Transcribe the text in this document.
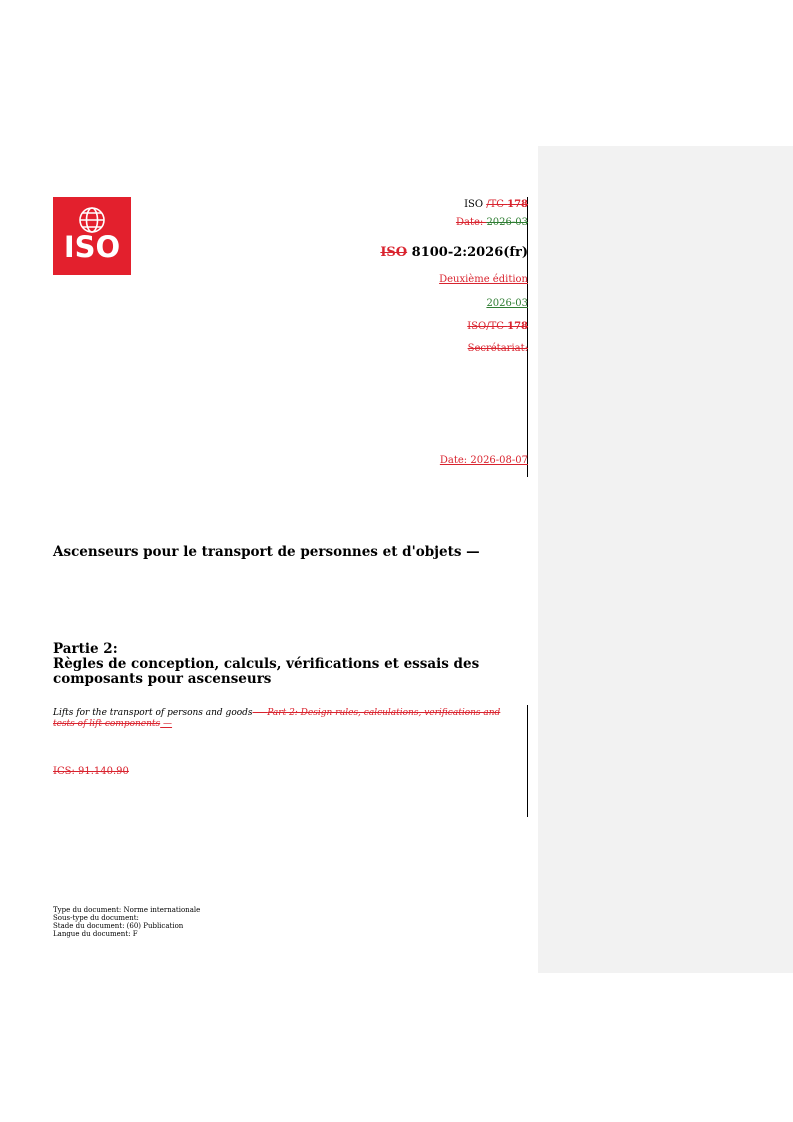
ISO
ISO /TC 178
Date: 2026-03
ISO 8100-2:2026(fr)
Deuxième édition
2026-03
ISO/TC 178
Secrétariat:
Date: 2026-08-07
Ascenseurs pour le transport de personnes et d'objets —
Partie 2:
Règles de conception, calculs, vérifications et essais des
composants pour ascenseurs
Lifts for the transport of persons and goods — Part 2: Design rules, calculations, verifications and tests of lift components —
ICS: 91.140.90
Type du document: Norme internationale
Sous-type du document:
Stade du document: (60) Publication
Langue du document: F
